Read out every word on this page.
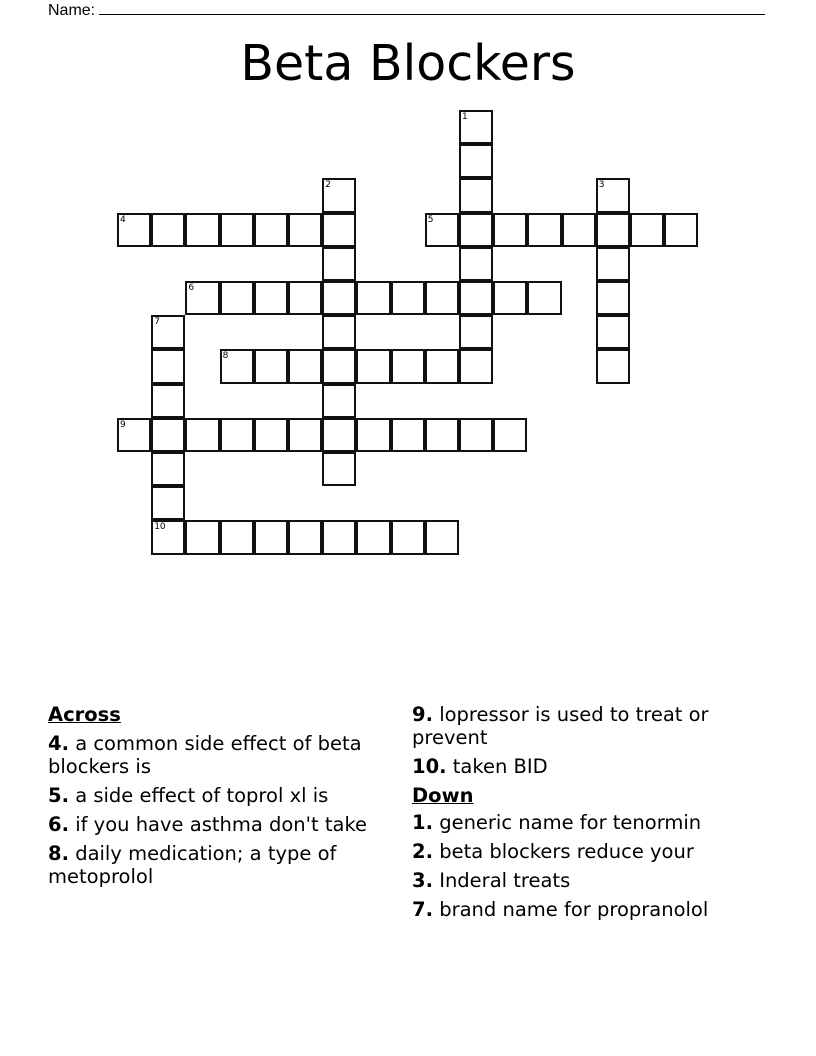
Name:
Beta Blockers
1
2	3
4	5
6
7
10
8
9
Across
4. a common side effect of beta blockers is
5. a side effect of toprol xl is
6. if you have asthma don't take
8. daily medication; a type of metoprolol
9. lopressor is used to treat or prevent
10. taken BID
Down
1. generic name for tenormin
2. beta blockers reduce your
3. Inderal treats
7. brand name for propranolol
